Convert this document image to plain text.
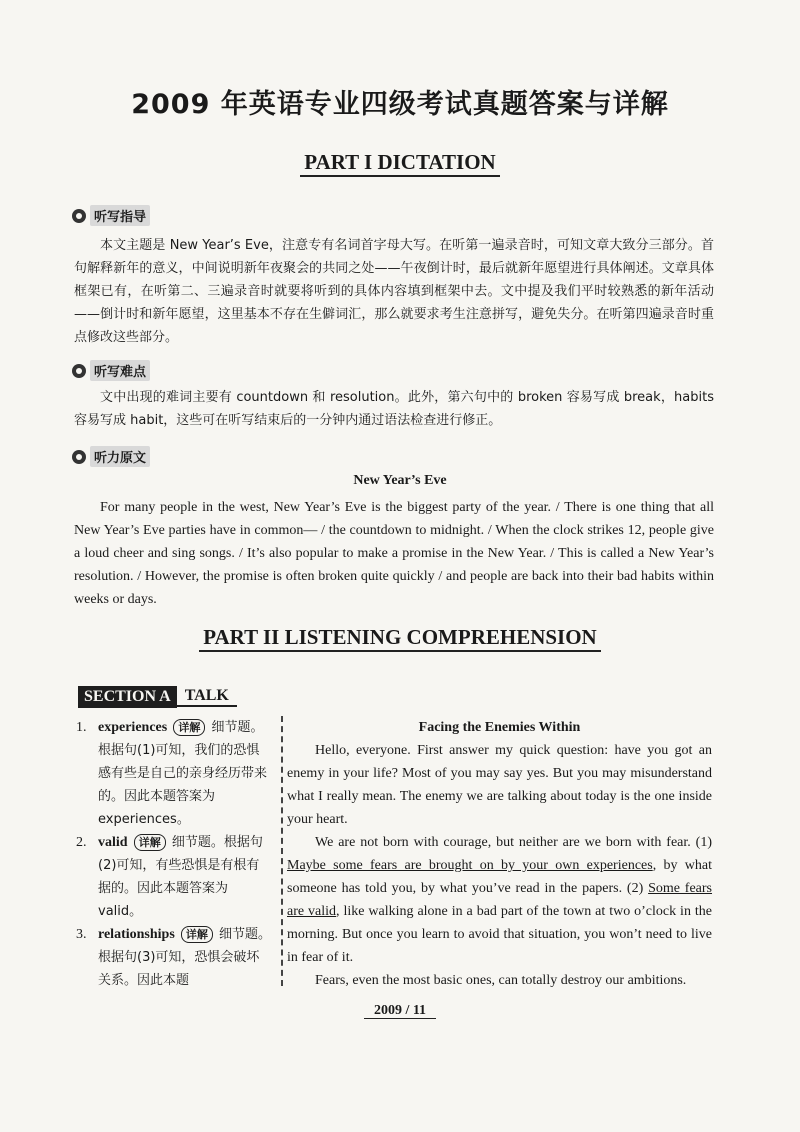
2009 年英语专业四级考试真题答案与详解
PART I DICTATION
听写指导
本文主题是 New Year’s Eve，注意专有名词首字母大写。在听第一遍录音时，可知文章大致分三部分。首句解释新年的意义，中间说明新年夜聚会的共同之处——午夜倒计时，最后就新年愿望进行具体阐述。文章具体框架已有，在听第二、三遍录音时就要将听到的具体内容填到框架中去。文中提及我们平时较熟悉的新年活动——倒计时和新年愿望，这里基本不存在生僻词汇，那么就要求考生注意拼写，避免失分。在听第四遍录音时重点修改这些部分。
听写难点
文中出现的难词主要有 countdown 和 resolution。此外，第六句中的 broken 容易写成 break，habits 容易写成 habit，这些可在听写结束后的一分钟内通过语法检查进行修正。
听力原文
New Year’s Eve
For many people in the west, New Year’s Eve is the biggest party of the year. / There is one thing that all New Year’s Eve parties have in common— / the countdown to midnight. / When the clock strikes 12, people give a loud cheer and sing songs. / It’s also popular to make a promise in the New Year. / This is called a New Year’s resolution. / However, the promise is often broken quite quickly / and people are back into their bad habits within weeks or days.
PART II LISTENING COMPREHENSION
SECTION A TALK
1. experiences 详解 细节题。根据句(1)可知，我们的恐惧感有些是自己的亲身经历带来的。因此本题答案为 experiences。
2. valid 详解 细节题。根据句(2)可知，有些恐惧是有根有据的。因此本题答案为 valid。
3. relationships 详解 细节题。根据句(3)可知，恐惧会破坏关系。因此本题
Facing the Enemies Within

Hello, everyone. First answer my quick question: have you got an enemy in your life? Most of you may say yes. But you may misunderstand what I really mean. The enemy we are talking about today is the one inside your heart.

We are not born with courage, but neither are we born with fear. (1) Maybe some fears are brought on by your own experiences, by what someone has told you, by what you’ve read in the papers. (2) Some fears are valid, like walking alone in a bad part of the town at two o’clock in the morning. But once you learn to avoid that situation, you won’t need to live in fear of it.

Fears, even the most basic ones, can totally destroy our ambitions.

2009 / 11
